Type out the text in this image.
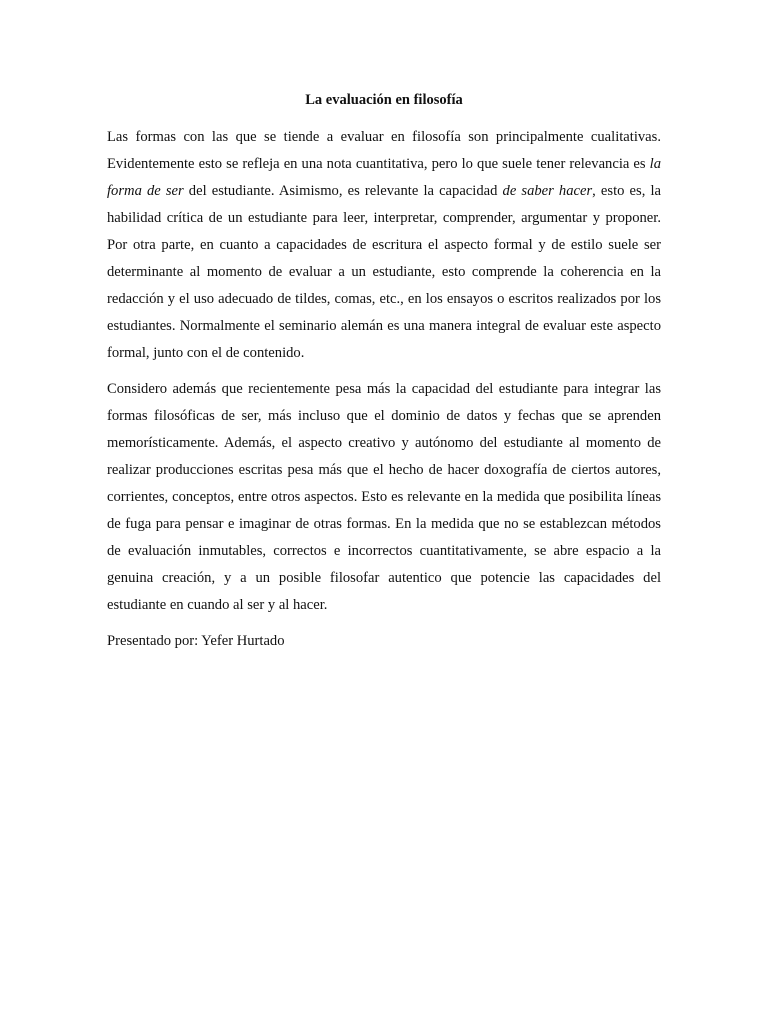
La evaluación en filosofía

Las formas con las que se tiende a evaluar en filosofía son principalmente cualitativas. Evidentemente esto se refleja en una nota cuantitativa, pero lo que suele tener relevancia es la forma de ser del estudiante. Asimismo, es relevante la capacidad de saber hacer, esto es, la habilidad crítica de un estudiante para leer, interpretar, comprender, argumentar y proponer. Por otra parte, en cuanto a capacidades de escritura el aspecto formal y de estilo suele ser determinante al momento de evaluar a un estudiante, esto comprende la coherencia en la redacción y el uso adecuado de tildes, comas, etc., en los ensayos o escritos realizados por los estudiantes. Normalmente el seminario alemán es una manera integral de evaluar este aspecto formal, junto con el de contenido.

Considero además que recientemente pesa más la capacidad del estudiante para integrar las formas filosóficas de ser, más incluso que el dominio de datos y fechas que se aprenden memorísticamente. Además, el aspecto creativo y autónomo del estudiante al momento de realizar producciones escritas pesa más que el hecho de hacer doxografía de ciertos autores, corrientes, conceptos, entre otros aspectos. Esto es relevante en la medida que posibilita líneas de fuga para pensar e imaginar de otras formas. En la medida que no se establezcan métodos de evaluación inmutables, correctos e incorrectos cuantitativamente, se abre espacio a la genuina creación, y a un posible filosofar autentico que potencie las capacidades del estudiante en cuando al ser y al hacer.

Presentado por: Yefer Hurtado
